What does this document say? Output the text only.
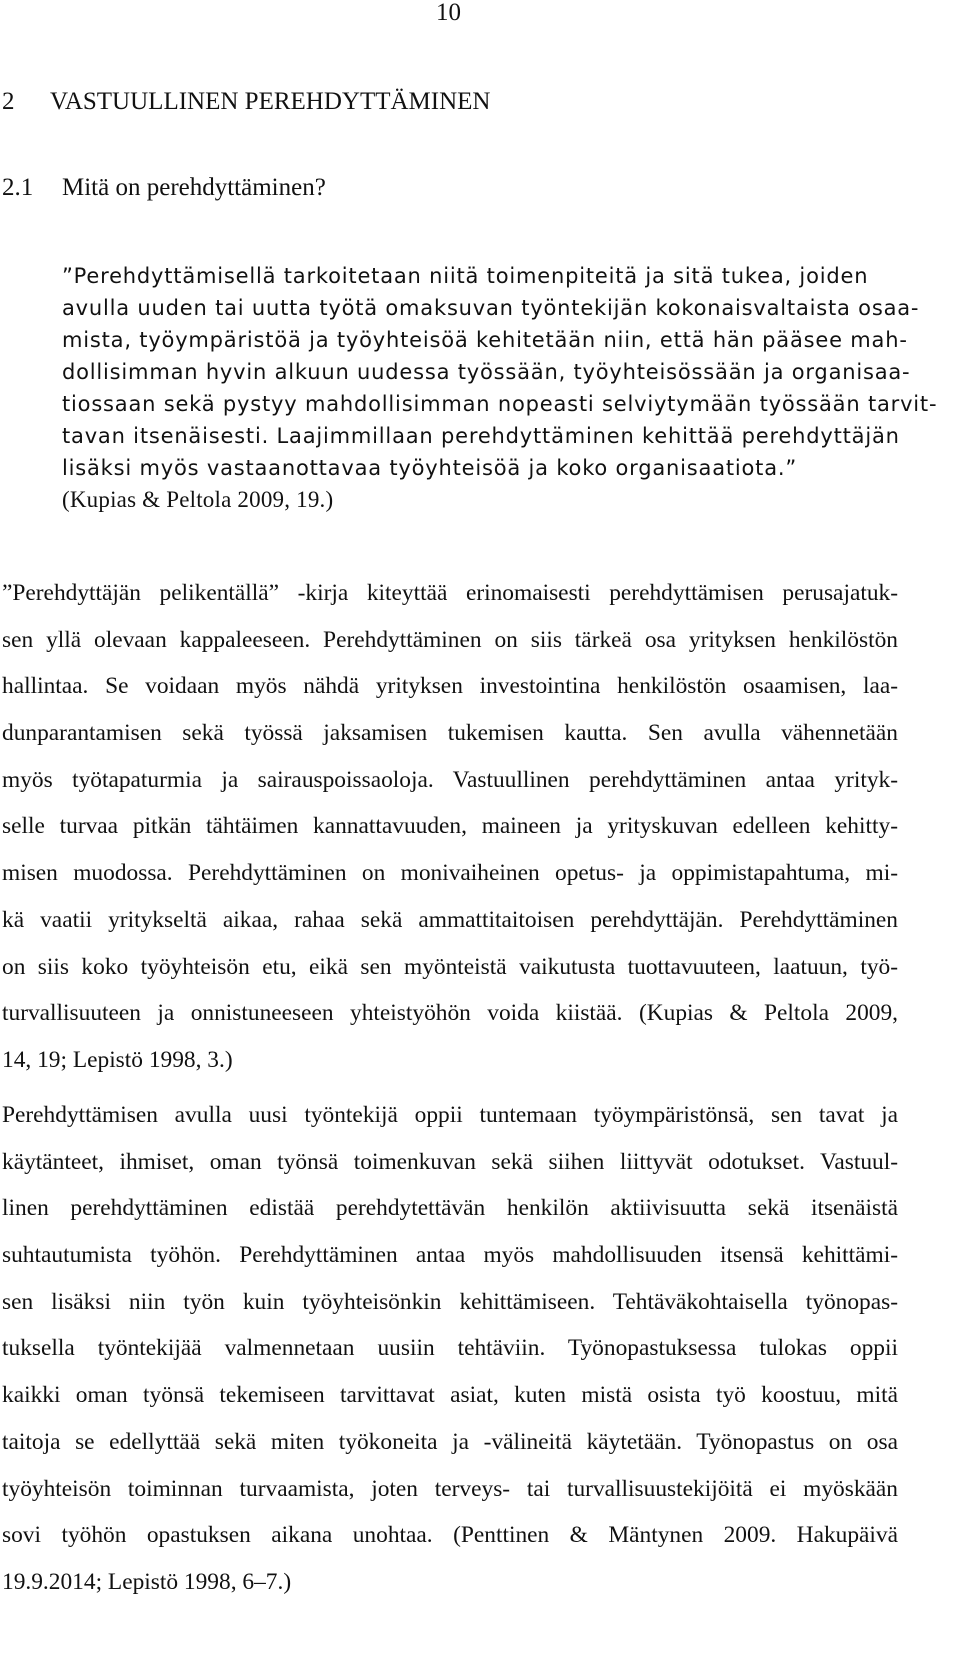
10
2 VASTUULLINEN PEREHDYTTÄMINEN
2.1 Mitä on perehdyttäminen?
”Perehdyttämisellä tarkoitetaan niitä toimenpiteitä ja sitä tukea, joiden
avulla uuden tai uutta työtä omaksuvan työntekijän kokonaisvaltaista osaa-
mista, työympäristöä ja työyhteisöä kehitetään niin, että hän pääsee mah-
dollisimman hyvin alkuun uudessa työssään, työyhteisössään ja organisaa-
tiossaan sekä pystyy mahdollisimman nopeasti selviytymään työssään tarvit-
tavan itsenäisesti. Laajimmillaan perehdyttäminen kehittää perehdyttäjän
lisäksi myös vastaanottavaa työyhteisöä ja koko organisaatiota.”
(Kupias & Peltola 2009, 19.)
”Perehdyttäjän pelikentällä” -kirja kiteyttää erinomaisesti perehdyttämisen perusajatuk-
sen yllä olevaan kappaleeseen. Perehdyttäminen on siis tärkeä osa yrityksen henkilöstön
hallintaa. Se voidaan myös nähdä yrityksen investointina henkilöstön osaamisen, laa-
dunparantamisen sekä työssä jaksamisen tukemisen kautta. Sen avulla vähennetään
myös työtapaturmia ja sairauspoissaoloja. Vastuullinen perehdyttäminen antaa yrityk-
selle turvaa pitkän tähtäimen kannattavuuden, maineen ja yrityskuvan edelleen kehitty-
misen muodossa. Perehdyttäminen on monivaiheinen opetus- ja oppimistapahtuma, mi-
kä vaatii yritykseltä aikaa, rahaa sekä ammattitaitoisen perehdyttäjän. Perehdyttäminen
on siis koko työyhteisön etu, eikä sen myönteistä vaikutusta tuottavuuteen, laatuun, työ-
turvallisuuteen ja onnistuneeseen yhteistyöhön voida kiistää. (Kupias & Peltola 2009,
14, 19; Lepistö 1998, 3.)
Perehdyttämisen avulla uusi työntekijä oppii tuntemaan työympäristönsä, sen tavat ja
käytänteet, ihmiset, oman työnsä toimenkuvan sekä siihen liittyvät odotukset. Vastuul-
linen perehdyttäminen edistää perehdytettävän henkilön aktiivisuutta sekä itsenäistä
suhtautumista työhön. Perehdyttäminen antaa myös mahdollisuuden itsensä kehittämi-
sen lisäksi niin työn kuin työyhteisönkin kehittämiseen. Tehtäväkohtaisella työnopas-
tuksella työntekijää valmennetaan uusiin tehtäviin. Työnopastuksessa tulokas oppii
kaikki oman työnsä tekemiseen tarvittavat asiat, kuten mistä osista työ koostuu, mitä
taitoja se edellyttää sekä miten työkoneita ja -välineitä käytetään. Työnopastus on osa
työyhteisön toiminnan turvaamista, joten terveys- tai turvallisuustekijöitä ei myöskään
sovi työhön opastuksen aikana unohtaa. (Penttinen & Mäntynen 2009. Hakupäivä
19.9.2014; Lepistö 1998, 6–7.)
